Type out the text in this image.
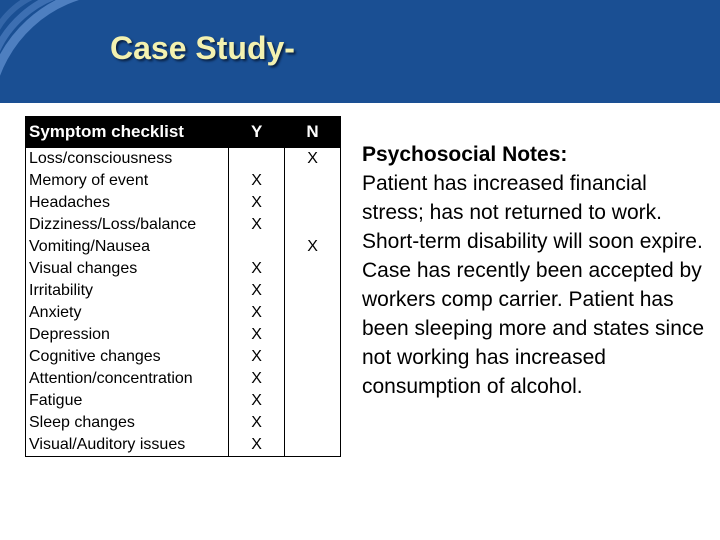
Case Study-
Symptom checklist	Y	N
Loss/consciousness		X
Memory of event	X	
Headaches	X	
Dizziness/Loss/balance	X	
Vomiting/Nausea		X
Visual changes	X	
Irritability	X	
Anxiety	X	
Depression	X	
Cognitive changes	X	
Attention/concentration	X	
Fatigue	X	
Sleep changes	X	
Visual/Auditory issues	X	
Psychosocial Notes:
Patient has increased financial stress; has not returned to work. Short-term disability will soon expire. Case has recently been accepted by workers comp carrier. Patient has been sleeping more and states since not working has increased consumption of alcohol.
